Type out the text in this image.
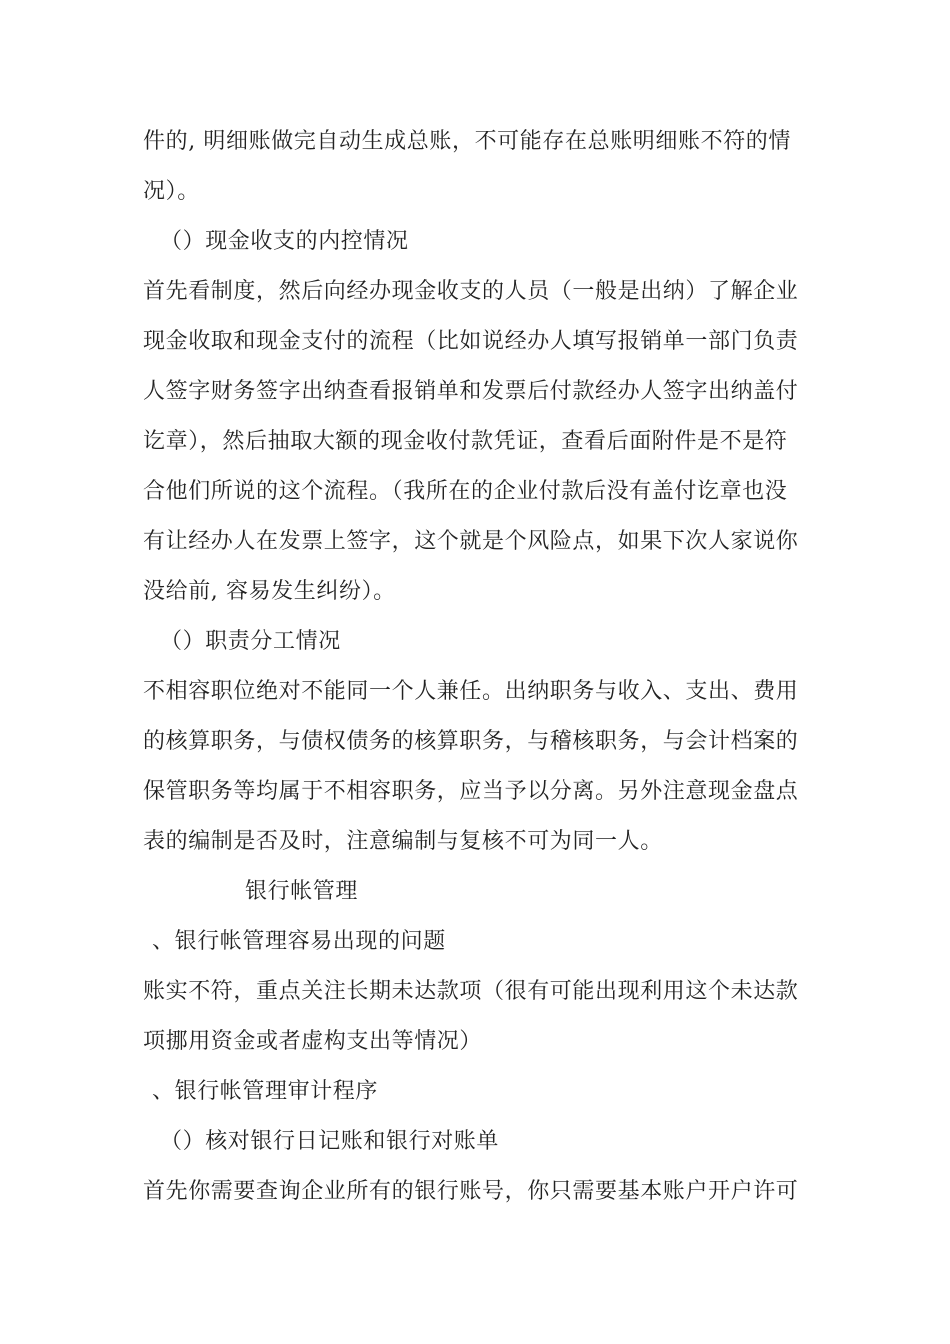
件的, 明细账做完自动生成总账，不可能存在总账明细账不符的情
况）。
（）现金收支的内控情况
首先看制度，然后向经办现金收支的人员（一般是出纳）了解企业
现金收取和现金支付的流程（比如说经办人填写报销单一部门负责
人签字财务签字出纳查看报销单和发票后付款经办人签字出纳盖付
讫章），然后抽取大额的现金收付款凭证，查看后面附件是不是符
合他们所说的这个流程。（我所在的企业付款后没有盖付讫章也没
有让经办人在发票上签字，这个就是个风险点，如果下次人家说你
没给前, 容易发生纠纷）。
（）职责分工情况
不相容职位绝对不能同一个人兼任。出纳职务与收入、支出、费用
的核算职务，与债权债务的核算职务，与稽核职务，与会计档案的
保管职务等均属于不相容职务，应当予以分离。另外注意现金盘点
表的编制是否及时，注意编制与复核不可为同一人。
银行帐管理
、银行帐管理容易出现的问题
账实不符，重点关注长期未达款项（很有可能出现利用这个未达款
项挪用资金或者虚构支出等情况）
、银行帐管理审计程序
（）核对银行日记账和银行对账单
首先你需要查询企业所有的银行账号，你只需要基本账户开户许可
